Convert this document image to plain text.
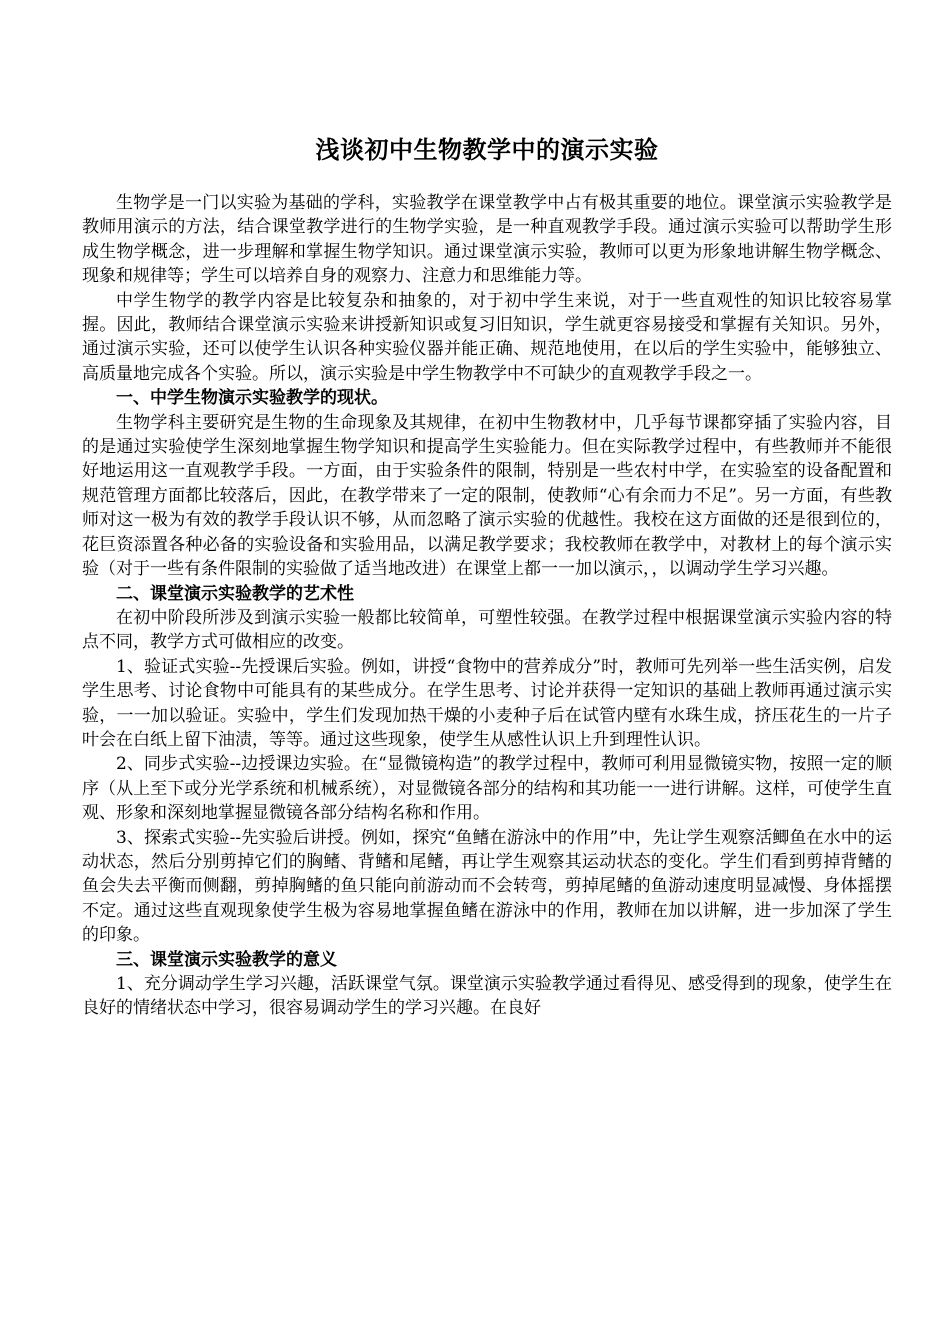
浅谈初中生物教学中的演示实验

生物学是一门以实验为基础的学科，实验教学在课堂教学中占有极其重要的地位。课堂演示实验教学是教师用演示的方法，结合课堂教学进行的生物学实验，是一种直观教学手段。通过演示实验可以帮助学生形成生物学概念，进一步理解和掌握生物学知识。通过课堂演示实验，教师可以更为形象地讲解生物学概念、现象和规律等；学生可以培养自身的观察力、注意力和思维能力等。

中学生物学的教学内容是比较复杂和抽象的，对于初中学生来说，对于一些直观性的知识比较容易掌握。因此，教师结合课堂演示实验来讲授新知识或复习旧知识，学生就更容易接受和掌握有关知识。另外，通过演示实验，还可以使学生认识各种实验仪器并能正确、规范地使用，在以后的学生实验中，能够独立、高质量地完成各个实验。所以，演示实验是中学生物教学中不可缺少的直观教学手段之一。

一、中学生物演示实验教学的现状。

生物学科主要研究是生物的生命现象及其规律，在初中生物教材中，几乎每节课都穿插了实验内容，目的是通过实验使学生深刻地掌握生物学知识和提高学生实验能力。但在实际教学过程中，有些教师并不能很好地运用这一直观教学手段。一方面，由于实验条件的限制，特别是一些农村中学，在实验室的设备配置和规范管理方面都比较落后，因此，在教学带来了一定的限制，使教师“心有余而力不足”。另一方面，有些教师对这一极为有效的教学手段认识不够，从而忽略了演示实验的优越性。我校在这方面做的还是很到位的，花巨资添置各种必备的实验设备和实验用品，以满足教学要求；我校教师在教学中，对教材上的每个演示实验（对于一些有条件限制的实验做了适当地改进）在课堂上都一一加以演示，，以调动学生学习兴趣。

二、课堂演示实验教学的艺术性

在初中阶段所涉及到演示实验一般都比较简单，可塑性较强。在教学过程中根据课堂演示实验内容的特点不同，教学方式可做相应的改变。

1、验证式实验--先授课后实验。例如，讲授“食物中的营养成分”时，教师可先列举一些生活实例，启发学生思考、讨论食物中可能具有的某些成分。在学生思考、讨论并获得一定知识的基础上教师再通过演示实验，一一加以验证。实验中，学生们发现加热干燥的小麦种子后在试管内壁有水珠生成，挤压花生的一片子叶会在白纸上留下油渍，等等。通过这些现象，使学生从感性认识上升到理性认识。

2、同步式实验--边授课边实验。在“显微镜构造”的教学过程中，教师可利用显微镜实物，按照一定的顺序（从上至下或分光学系统和机械系统），对显微镜各部分的结构和其功能一一进行讲解。这样，可使学生直观、形象和深刻地掌握显微镜各部分结构名称和作用。

3、探索式实验--先实验后讲授。例如，探究“鱼鳍在游泳中的作用”中，先让学生观察活鲫鱼在水中的运动状态，然后分别剪掉它们的胸鳍、背鳍和尾鳍，再让学生观察其运动状态的变化。学生们看到剪掉背鳍的鱼会失去平衡而侧翻，剪掉胸鳍的鱼只能向前游动而不会转弯，剪掉尾鳍的鱼游动速度明显减慢、身体摇摆不定。通过这些直观现象使学生极为容易地掌握鱼鳍在游泳中的作用，教师在加以讲解，进一步加深了学生的印象。

三、课堂演示实验教学的意义

1、充分调动学生学习兴趣，活跃课堂气氛。课堂演示实验教学通过看得见、感受得到的现象，使学生在良好的情绪状态中学习，很容易调动学生的学习兴趣。在良好
